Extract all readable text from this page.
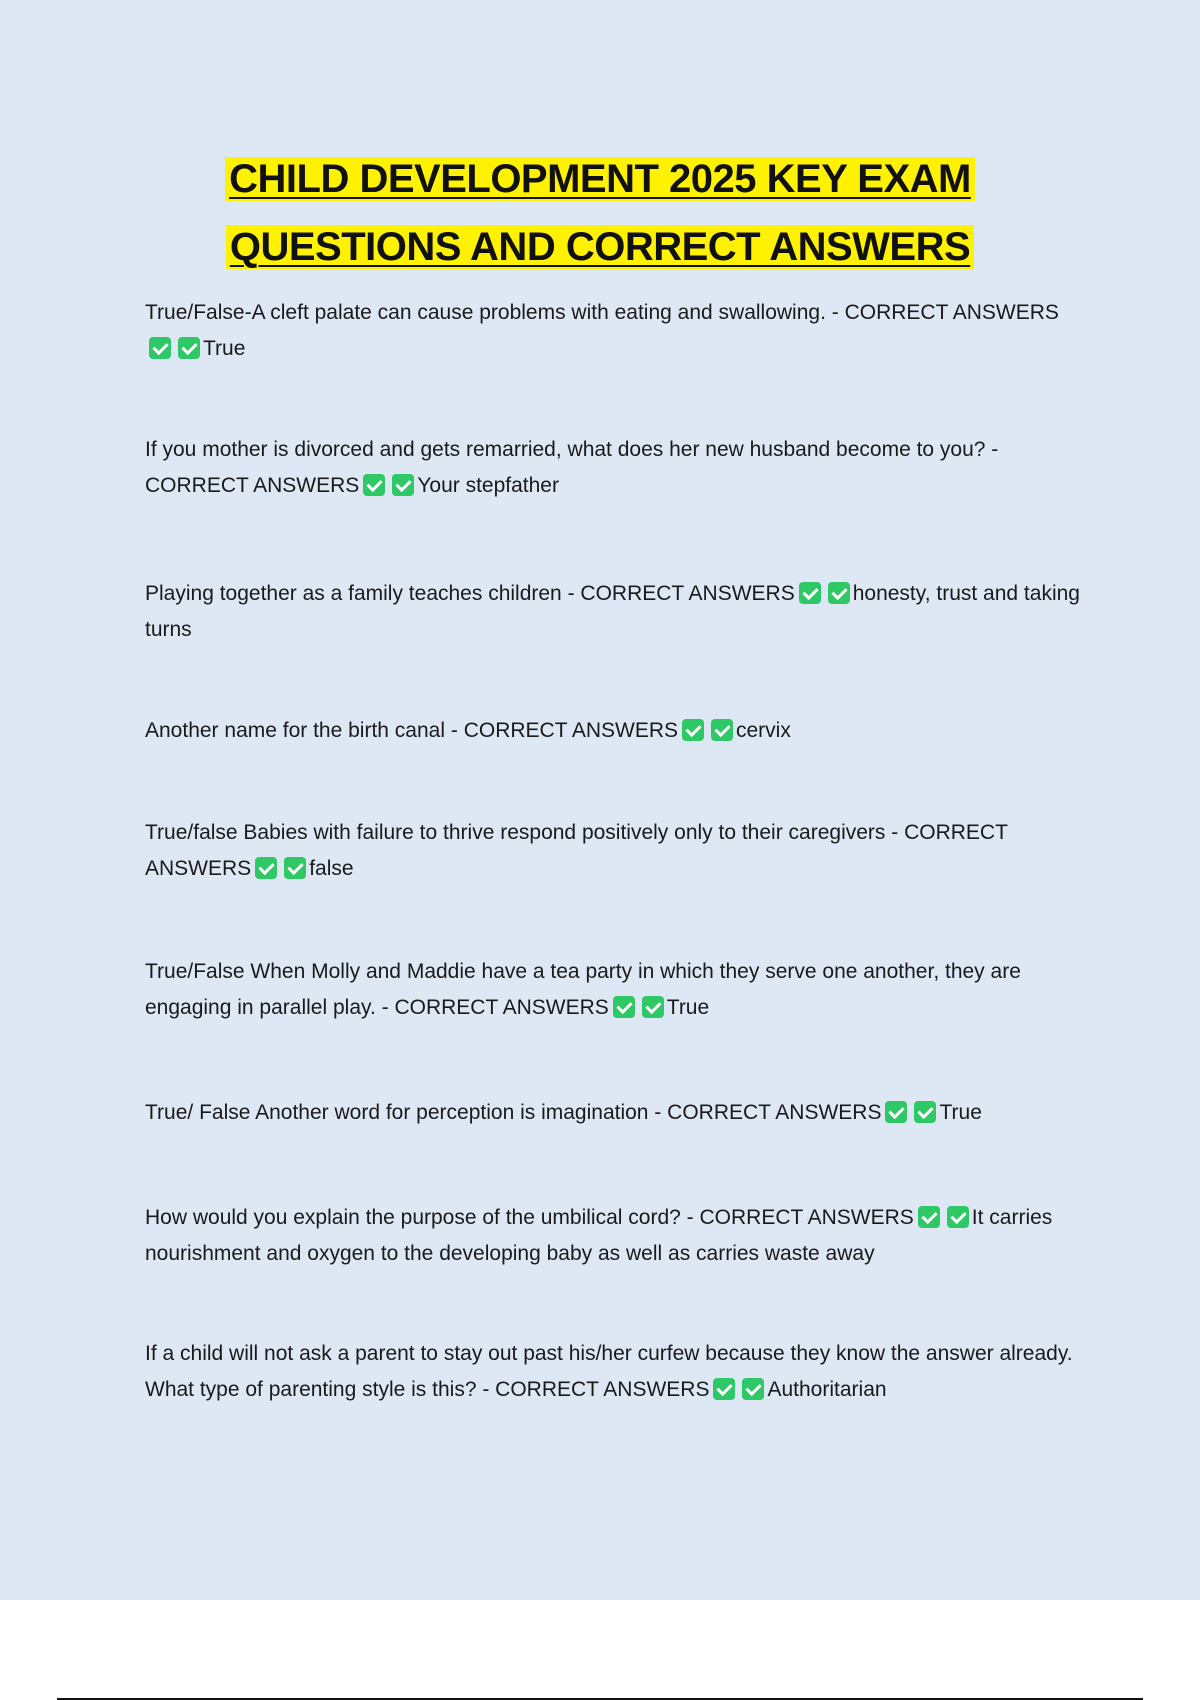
CHILD DEVELOPMENT 2025 KEY EXAM
QUESTIONS AND CORRECT ANSWERS
True/False-A cleft palate can cause problems with eating and swallowing. - CORRECT ANSWERSTrue
If you mother is divorced and gets remarried, what does her new husband become to you? - CORRECT ANSWERS	Your stepfather
Playing together as a family teaches children - CORRECT ANSWERS	honesty, trust and taking turns
Another name for the birth canal - CORRECT ANSWERS	cervix
True/false Babies with failure to thrive respond positively only to their caregivers - CORRECT ANSWERS	false
True/False When Molly and Maddie have a tea party in which they serve one another, they are engaging in parallel play. - CORRECT ANSWERS	True
True/ False Another word for perception is imagination - CORRECT ANSWERS	True
How would you explain the purpose of the umbilical cord? - CORRECT ANSWERS	It carries nourishment and oxygen to the developing baby as well as carries waste away
If a child will not ask a parent to stay out past his/her curfew because they know the answer already. What type of parenting style is this? - CORRECT ANSWERS	Authoritarian
